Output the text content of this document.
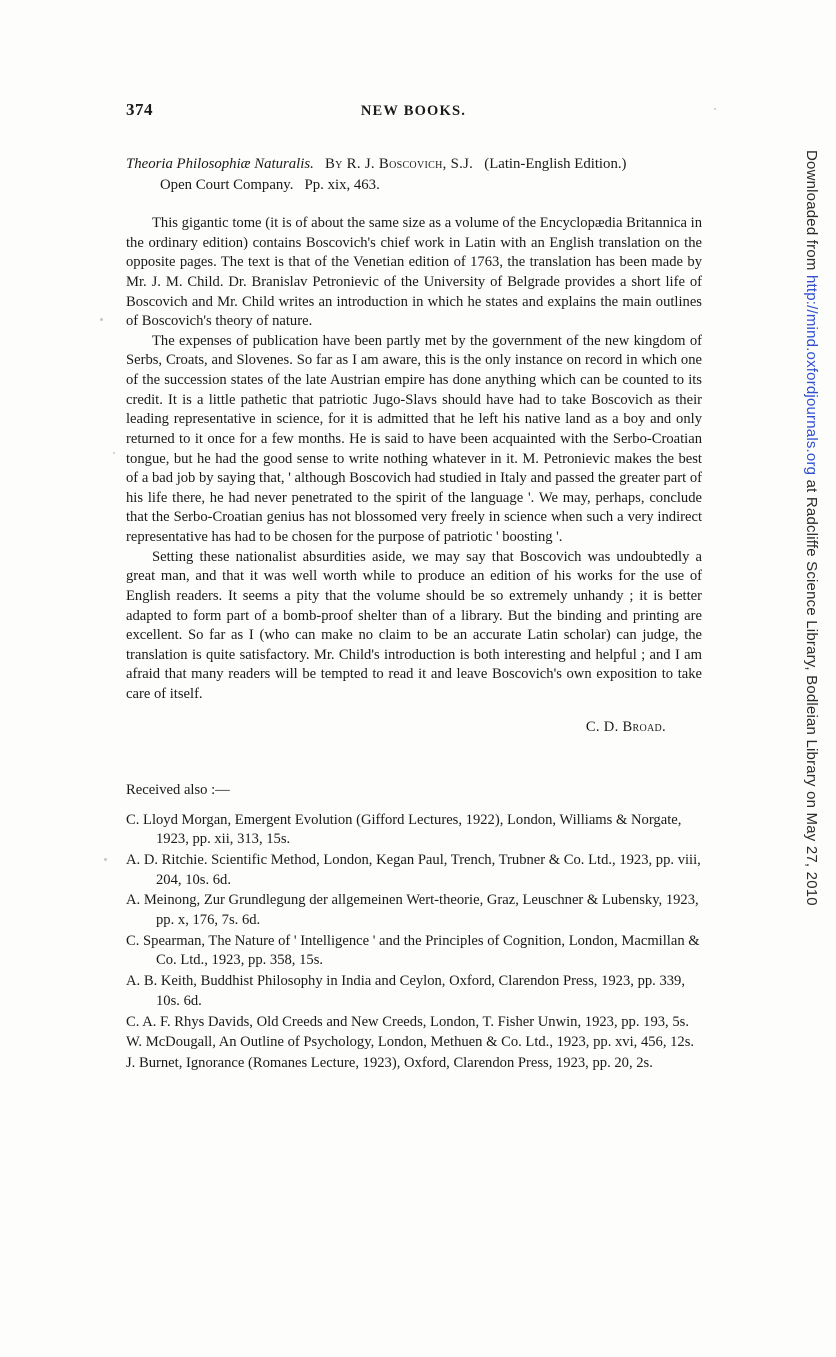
374	NEW BOOKS.
Theoria Philosophiæ Naturalis. By R. J. Boscovich, S.J. (Latin-English Edition.)
Open Court Company. Pp. xix, 463.

This gigantic tome (it is of about the same size as a volume of the Encyclopædia Britannica in the ordinary edition) contains Boscovich's chief work in Latin with an English translation on the opposite pages. The text is that of the Venetian edition of 1763, the translation has been made by Mr. J. M. Child. Dr. Branislav Petronievic of the University of Belgrade provides a short life of Boscovich and Mr. Child writes an introduction in which he states and explains the main outlines of Boscovich's theory of nature.

The expenses of publication have been partly met by the government of the new kingdom of Serbs, Croats, and Slovenes. So far as I am aware, this is the only instance on record in which one of the succession states of the late Austrian empire has done anything which can be counted to its credit. It is a little pathetic that patriotic Jugo-Slavs should have had to take Boscovich as their leading representative in science, for it is admitted that he left his native land as a boy and only returned to it once for a few months. He is said to have been acquainted with the Serbo-Croatian tongue, but he had the good sense to write nothing whatever in it. M. Petronievic makes the best of a bad job by saying that, ' although Boscovich had studied in Italy and passed the greater part of his life there, he had never penetrated to the spirit of the language '. We may, perhaps, conclude that the Serbo-Croatian genius has not blossomed very freely in science when such a very indirect representative has had to be chosen for the purpose of patriotic ' boosting '.

Setting these nationalist absurdities aside, we may say that Boscovich was undoubtedly a great man, and that it was well worth while to produce an edition of his works for the use of English readers. It seems a pity that the volume should be so extremely unhandy ; it is better adapted to form part of a bomb-proof shelter than of a library. But the binding and printing are excellent. So far as I (who can make no claim to be an accurate Latin scholar) can judge, the translation is quite satisfactory. Mr. Child's introduction is both interesting and helpful ; and I am afraid that many readers will be tempted to read it and leave Boscovich's own exposition to take care of itself.

C. D. Broad.
Received also :—
C. Lloyd Morgan, Emergent Evolution (Gifford Lectures, 1922), London, Williams & Norgate, 1923, pp. xii, 313, 15s.
A. D. Ritchie. Scientific Method, London, Kegan Paul, Trench, Trubner & Co. Ltd., 1923, pp. viii, 204, 10s. 6d.
A. Meinong, Zur Grundlegung der allgemeinen Wert-theorie, Graz, Leuschner & Lubensky, 1923, pp. x, 176, 7s. 6d.
C. Spearman, The Nature of ' Intelligence ' and the Principles of Cognition, London, Macmillan & Co. Ltd., 1923, pp. 358, 15s.
A. B. Keith, Buddhist Philosophy in India and Ceylon, Oxford, Clarendon Press, 1923, pp. 339, 10s. 6d.
C. A. F. Rhys Davids, Old Creeds and New Creeds, London, T. Fisher Unwin, 1923, pp. 193, 5s.
W. McDougall, An Outline of Psychology, London, Methuen & Co. Ltd., 1923, pp. xvi, 456, 12s.
J. Burnet, Ignorance (Romanes Lecture, 1923), Oxford, Clarendon Press, 1923, pp. 20, 2s.
Downloaded from http://mind.oxfordjournals.org at Radcliffe Science Library, Bodleian Library on May 27, 2010
